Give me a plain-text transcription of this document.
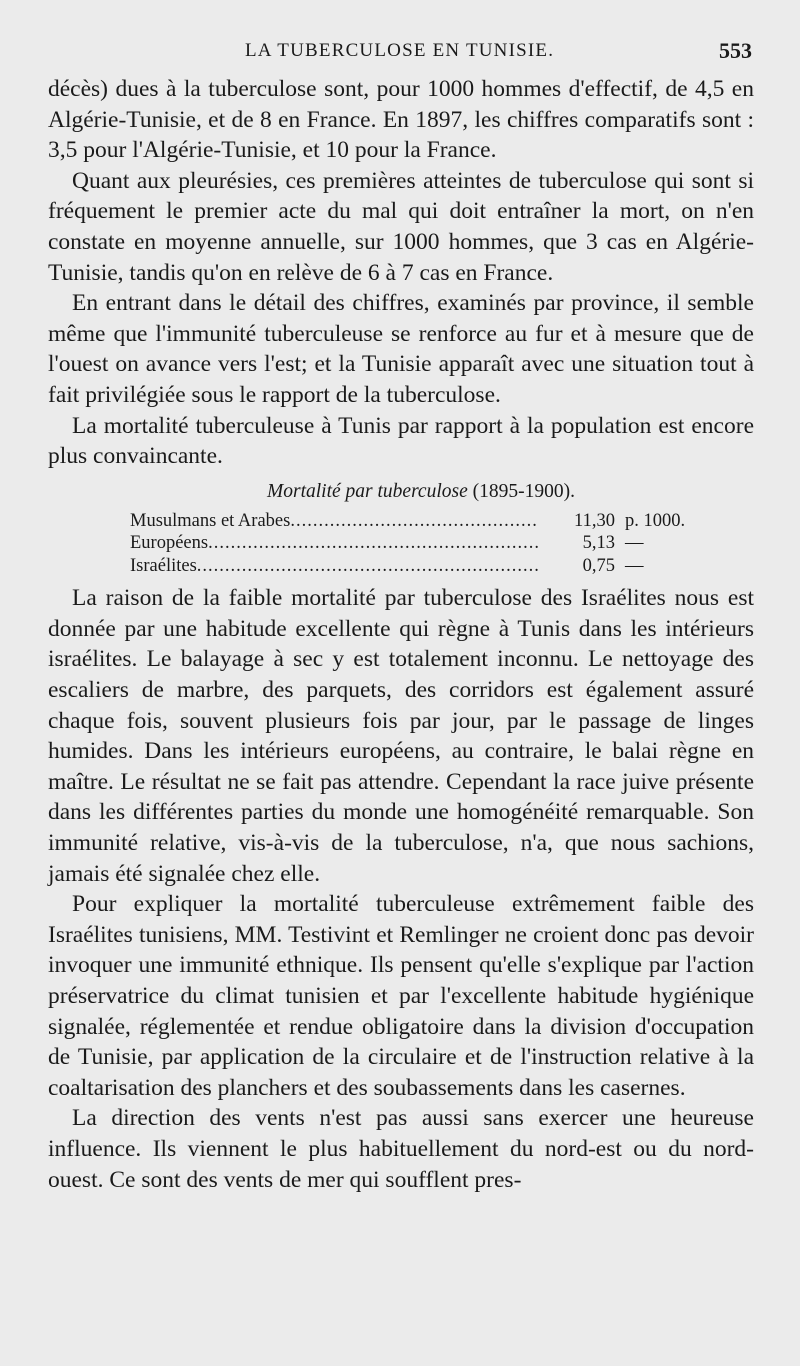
LA TUBERCULOSE EN TUNISIE.	553

décès) dues à la tuberculose sont, pour 1000 hommes d'effectif, de 4,5 en Algérie-Tunisie, et de 8 en France. En 1897, les chiffres comparatifs sont : 3,5 pour l'Algérie-Tunisie, et 10 pour la France.

Quant aux pleurésies, ces premières atteintes de tuberculose qui sont si fréquement le premier acte du mal qui doit entraîner la mort, on n'en constate en moyenne annuelle, sur 1000 hommes, que 3 cas en Algérie-Tunisie, tandis qu'on en relève de 6 à 7 cas en France.

En entrant dans le détail des chiffres, examinés par province, il semble même que l'immunité tuberculeuse se renforce au fur et à mesure que de l'ouest on avance vers l'est; et la Tunisie apparaît avec une situation tout à fait privilégiée sous le rapport de la tuberculose.

La mortalité tuberculeuse à Tunis par rapport à la population est encore plus convaincante.

Mortalité par tuberculose (1895-1900).
Musulmans et Arabes .....	11,30 p. 1000.
Européens .....	5,13 —
Israélites .....	0,75 —

La raison de la faible mortalité par tuberculose des Israélites nous est donnée par une habitude excellente qui règne à Tunis dans les intérieurs israélites. Le balayage à sec y est totalement inconnu. Le nettoyage des escaliers de marbre, des parquets, des corridors est également assuré chaque fois, souvent plusieurs fois par jour, par le passage de linges humides. Dans les intérieurs européens, au contraire, le balai règne en maître. Le résultat ne se fait pas attendre. Cependant la race juive présente dans les différentes parties du monde une homogénéité remarquable. Son immunité relative, vis-à-vis de la tuberculose, n'a, que nous sachions, jamais été signalée chez elle.

Pour expliquer la mortalité tuberculeuse extrêmement faible des Israélites tunisiens, MM. Testivint et Remlinger ne croient donc pas devoir invoquer une immunité ethnique. Ils pensent qu'elle s'explique par l'action préservatrice du climat tunisien et par l'excellente habitude hygiénique signalée, réglementée et rendue obligatoire dans la division d'occupation de Tunisie, par application de la circulaire et de l'instruction relative à la coaltarisation des planchers et des soubassements dans les casernes.

La direction des vents n'est pas aussi sans exercer une heureuse influence. Ils viennent le plus habituellement du nord-est ou du nord-ouest. Ce sont des vents de mer qui soufflent pres-
